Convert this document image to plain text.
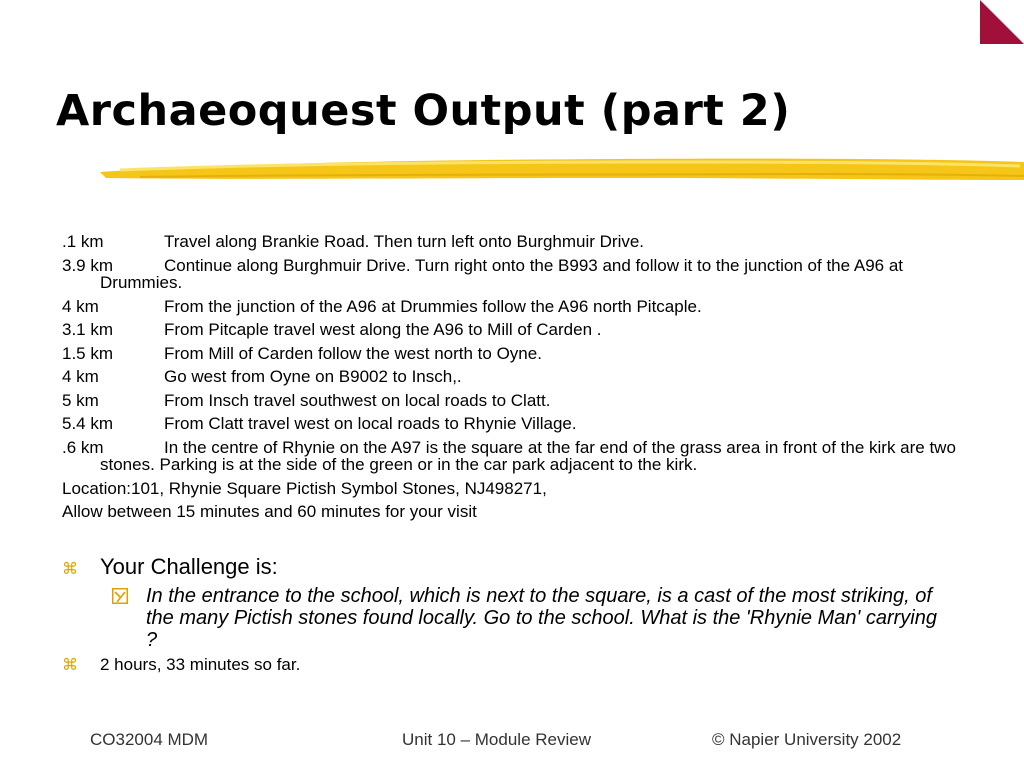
Archaeoquest Output (part 2)
.1 km	Travel along Brankie Road. Then turn left onto Burghmuir Drive.
3.9 km	Continue along Burghmuir Drive. Turn right onto the B993 and follow it to the junction of the A96 at Drummies.
4 km	From the junction of the A96 at Drummies follow the A96 north Pitcaple.
3.1 km	From Pitcaple travel west along the A96 to Mill of Carden .
1.5 km	From Mill of Carden follow the west north to Oyne.
4 km	Go west from Oyne on B9002 to Insch,.
5 km	From Insch travel southwest on local roads to Clatt.
5.4 km	From Clatt travel west on local roads to Rhynie Village.
.6 km	In the centre of Rhynie on the A97 is the square at the far end of the grass area in front of the kirk are two stones. Parking is at the side of the green or in the car park adjacent to the kirk.
Location:101, Rhynie Square Pictish Symbol Stones, NJ498271,
Allow between 15 minutes and 60 minutes for your visit
⌘ Your Challenge is:
In the entrance to the school, which is next to the square, is a cast of the most striking, of the many Pictish stones found locally. Go to the school. What is the 'Rhynie Man' carrying ?
⌘ 2 hours, 33 minutes so far.
CO32004 MDM	Unit 10 – Module Review	© Napier University 2002
